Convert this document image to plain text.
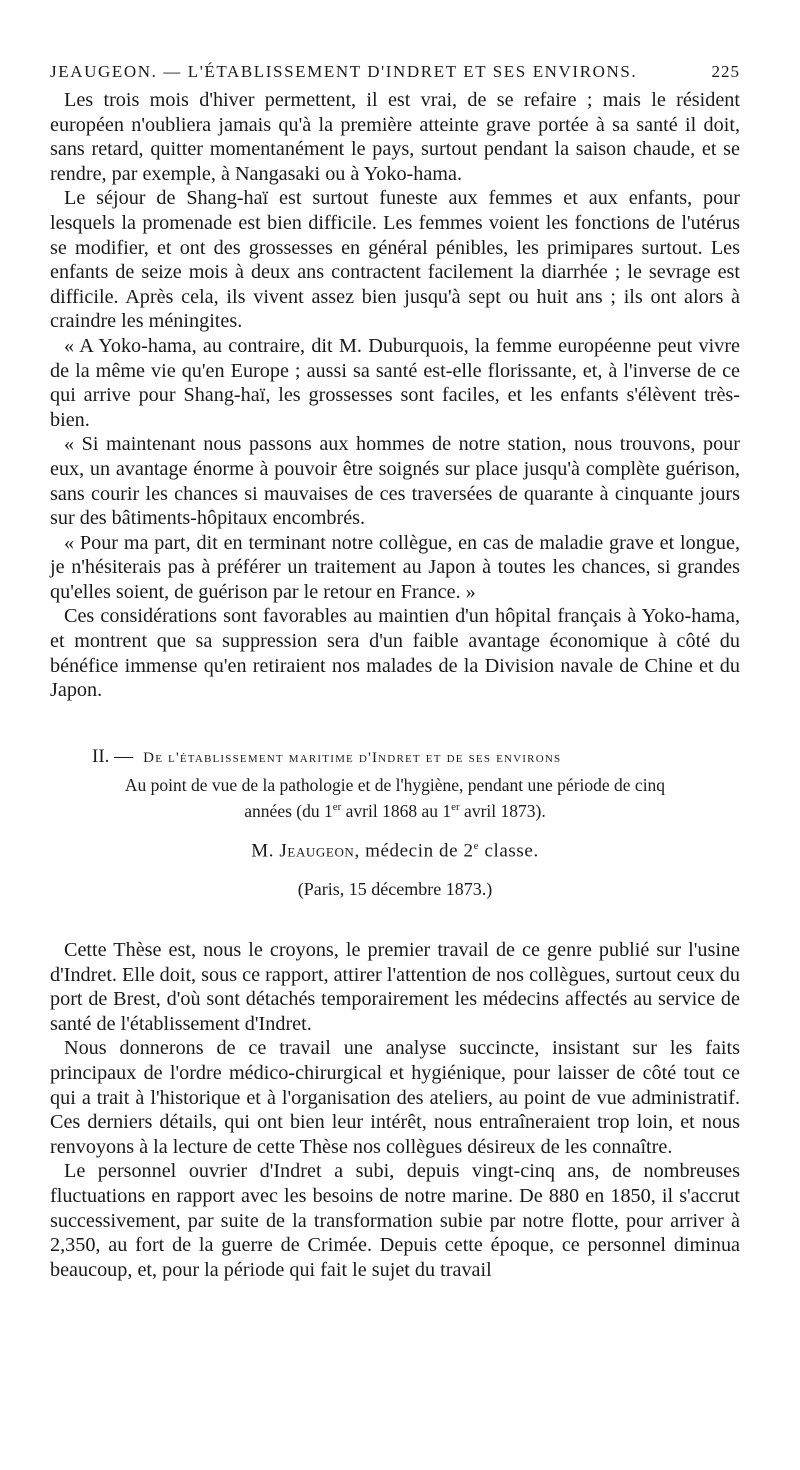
JEAUGEON. — L'ÉTABLISSEMENT D'INDRET ET SES ENVIRONS.	225

Les trois mois d'hiver permettent, il est vrai, de se refaire ; mais le résident européen n'oubliera jamais qu'à la première atteinte grave portée à sa santé il doit, sans retard, quitter momentanément le pays, surtout pendant la saison chaude, et se rendre, par exemple, à Nangasaki ou à Yoko-hama.

Le séjour de Shang-haï est surtout funeste aux femmes et aux enfants, pour lesquels la promenade est bien difficile. Les femmes voient les fonctions de l'utérus se modifier, et ont des grossesses en général pénibles, les primipares surtout. Les enfants de seize mois à deux ans contractent facilement la diarrhée ; le sevrage est difficile. Après cela, ils vivent assez bien jusqu'à sept ou huit ans ; ils ont alors à craindre les méningites.

« A Yoko-hama, au contraire, dit M. Duburquois, la femme européenne peut vivre de la même vie qu'en Europe ; aussi sa santé est-elle florissante, et, à l'inverse de ce qui arrive pour Shang-haï, les grossesses sont faciles, et les enfants s'élèvent très-bien.

« Si maintenant nous passons aux hommes de notre station, nous trouvons, pour eux, un avantage énorme à pouvoir être soignés sur place jusqu'à complète guérison, sans courir les chances si mauvaises de ces traversées de quarante à cinquante jours sur des bâtiments-hôpitaux encombrés.

« Pour ma part, dit en terminant notre collègue, en cas de maladie grave et longue, je n'hésiterais pas à préférer un traitement au Japon à toutes les chances, si grandes qu'elles soient, de guérison par le retour en France. »

Ces considérations sont favorables au maintien d'un hôpital français à Yoko-hama, et montrent que sa suppression sera d'un faible avantage économique à côté du bénéfice immense qu'en retiraient nos malades de la Division navale de Chine et du Japon.

II. — De l'établissement maritime d'Indret et de ses environs

Au point de vue de la pathologie et de l'hygiène, pendant une période de cinq

années (du 1er avril 1868 au 1er avril 1873).

M. Jeaugeon, médecin de 2e classe.

(Paris, 15 décembre 1873.)

Cette Thèse est, nous le croyons, le premier travail de ce genre publié sur l'usine d'Indret. Elle doit, sous ce rapport, attirer l'attention de nos collègues, surtout ceux du port de Brest, d'où sont détachés temporairement les médecins affectés au service de santé de l'établissement d'Indret.

Nous donnerons de ce travail une analyse succincte, insistant sur les faits principaux de l'ordre médico-chirurgical et hygiénique, pour laisser de côté tout ce qui a trait à l'historique et à l'organisation des ateliers, au point de vue administratif. Ces derniers détails, qui ont bien leur intérêt, nous entraîneraient trop loin, et nous renvoyons à la lecture de cette Thèse nos collègues désireux de les connaître.

Le personnel ouvrier d'Indret a subi, depuis vingt-cinq ans, de nombreuses fluctuations en rapport avec les besoins de notre marine. De 880 en 1850, il s'accrut successivement, par suite de la transformation subie par notre flotte, pour arriver à 2,350, au fort de la guerre de Crimée. Depuis cette époque, ce personnel diminua beaucoup, et, pour la période qui fait le sujet du travail
